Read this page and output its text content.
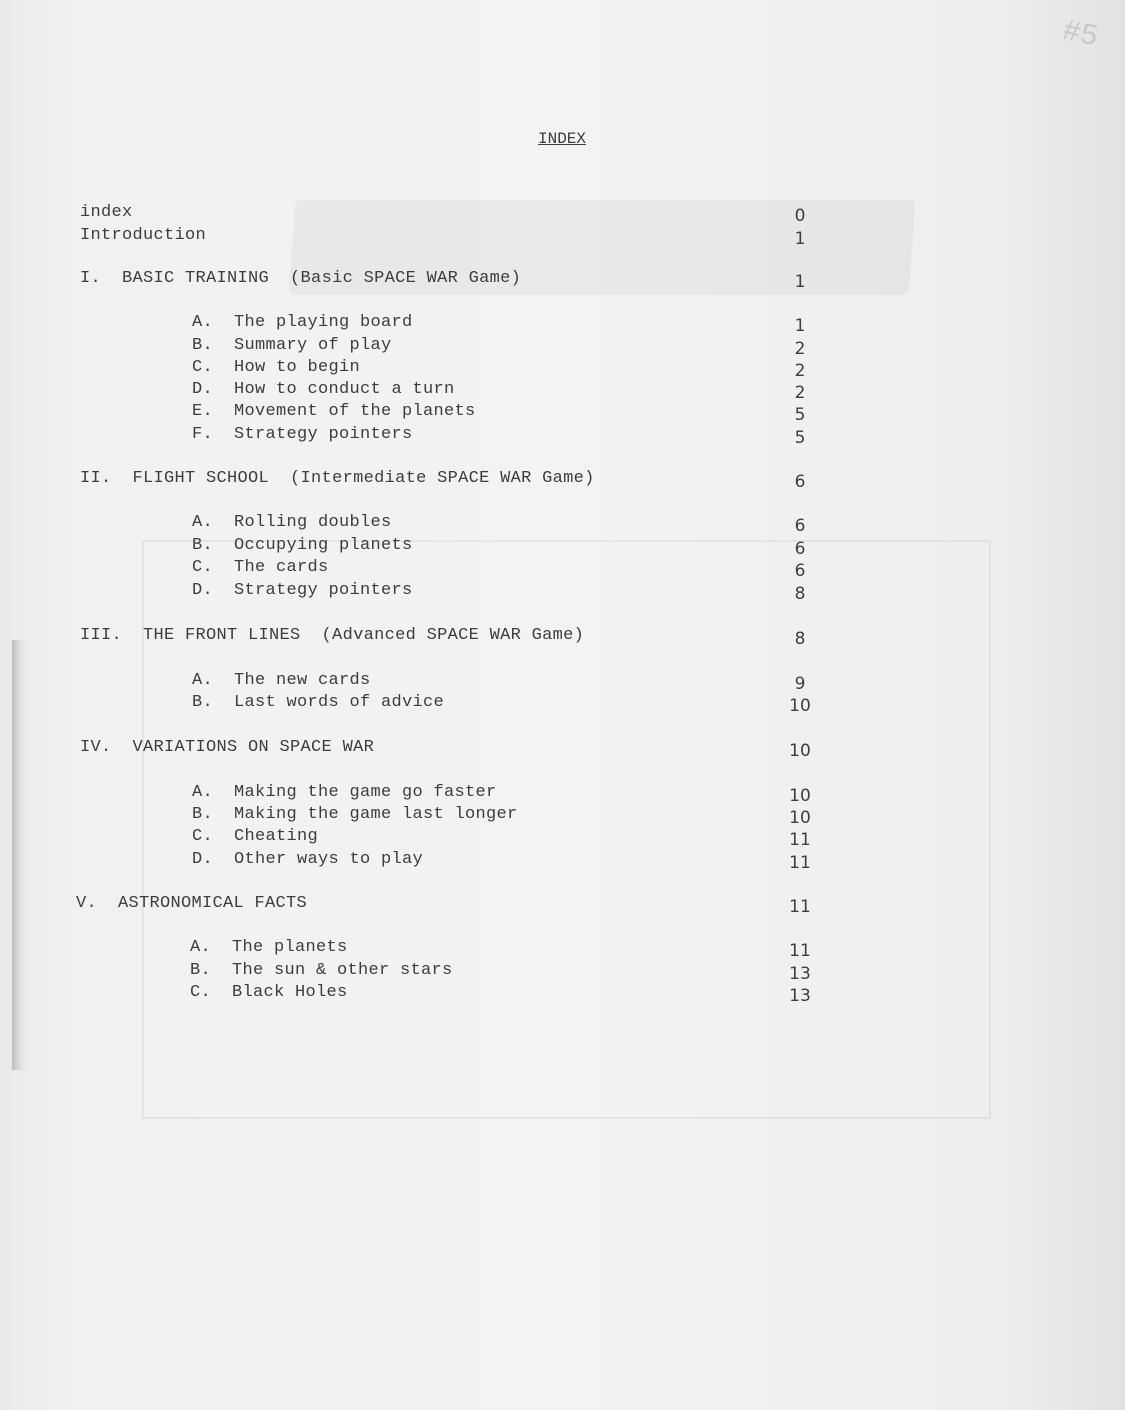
#5
INDEX
index	0
Introduction	1
I. BASIC TRAINING  (Basic SPACE WAR Game)	1
A. The playing board	1
B. Summary of play	2
C. How to begin	2
D. How to conduct a turn	2
E. Movement of the planets	5
F. Strategy pointers	5
II. FLIGHT SCHOOL  (Intermediate SPACE WAR Game)	6
A. Rolling doubles	6
B. Occupying planets	6
C. The cards	6
D. Strategy pointers	8
III. THE FRONT LINES  (Advanced SPACE WAR Game)	8
A. The new cards	9
B. Last words of advice	10
IV. VARIATIONS ON SPACE WAR	10
A. Making the game go faster	10
B. Making the game last longer	10
C. Cheating	11
D. Other ways to play	11
V. ASTRONOMICAL FACTS	11
A. The planets	11
B. The sun & other stars	13
C. Black Holes	13
